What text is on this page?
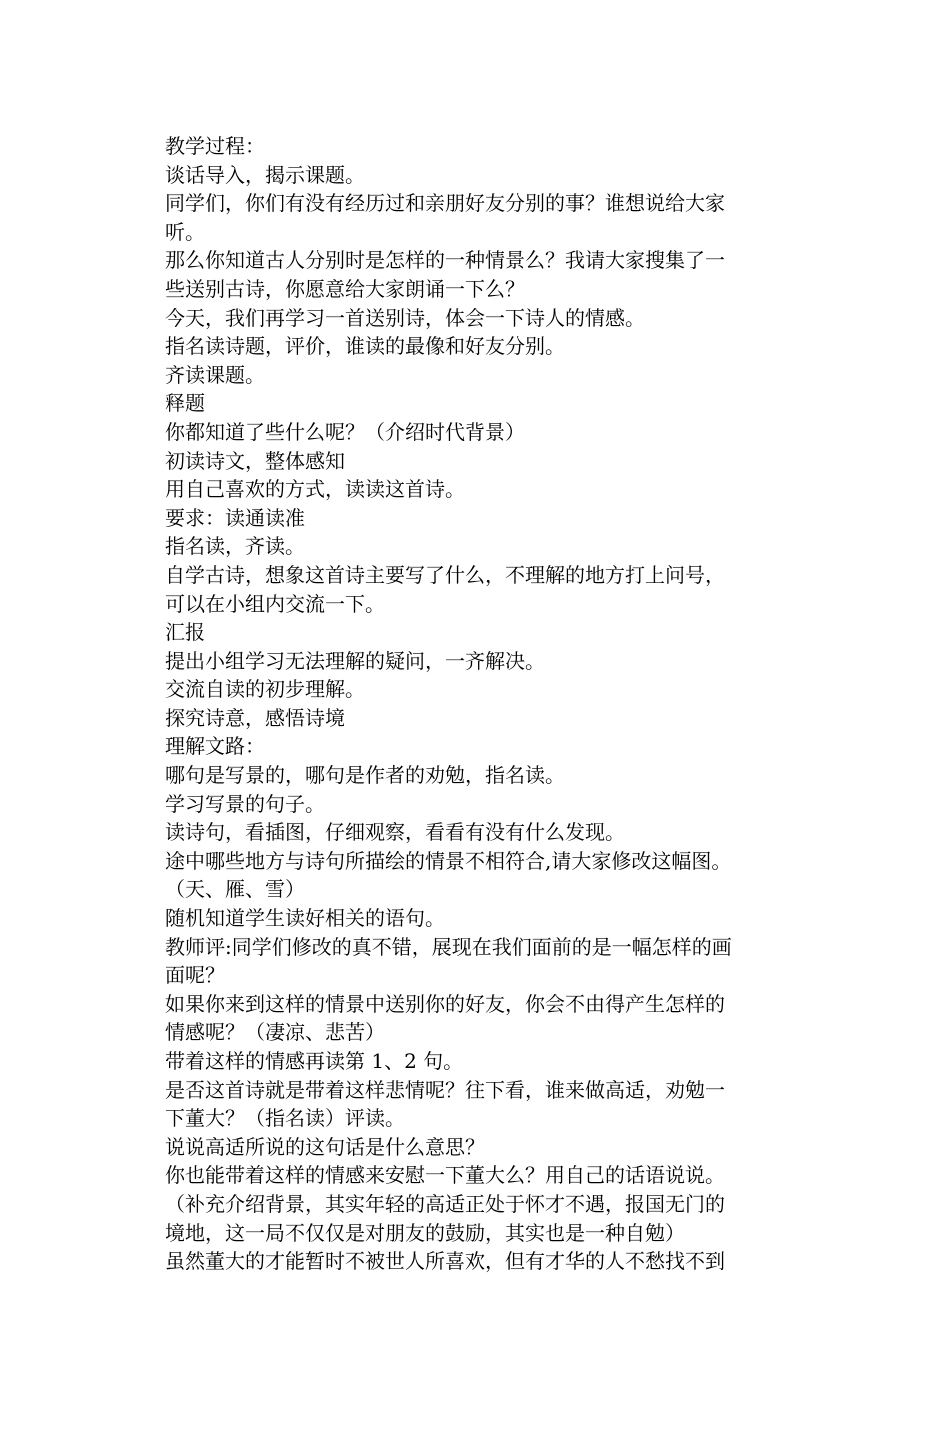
教学过程：
谈话导入，揭示课题。
同学们，你们有没有经历过和亲朋好友分别的事？谁想说给大家
听。
那么你知道古人分别时是怎样的一种情景么？我请大家搜集了一
些送别古诗，你愿意给大家朗诵一下么？
今天，我们再学习一首送别诗，体会一下诗人的情感。
指名读诗题，评价，谁读的最像和好友分别。
齐读课题。
释题
你都知道了些什么呢？（介绍时代背景）
初读诗文，整体感知
用自己喜欢的方式，读读这首诗。
要求：读通读准
指名读，齐读。
自学古诗，想象这首诗主要写了什么，不理解的地方打上问号，
可以在小组内交流一下。
汇报
提出小组学习无法理解的疑问，一齐解决。
交流自读的初步理解。
探究诗意，感悟诗境
理解文路：
哪句是写景的，哪句是作者的劝勉，指名读。
学习写景的句子。
读诗句，看插图，仔细观察，看看有没有什么发现。
途中哪些地方与诗句所描绘的情景不相符合,请大家修改这幅图。
（天、雁、雪）
随机知道学生读好相关的语句。
教师评:同学们修改的真不错，展现在我们面前的是一幅怎样的画
面呢？
如果你来到这样的情景中送别你的好友，你会不由得产生怎样的
情感呢？（凄凉、悲苦）
带着这样的情感再读第 1、2 句。
是否这首诗就是带着这样悲情呢？往下看，谁来做高适，劝勉一
下董大？（指名读）评读。
说说高适所说的这句话是什么意思？
你也能带着这样的情感来安慰一下董大么？用自己的话语说说。
（补充介绍背景，其实年轻的高适正处于怀才不遇，报国无门的
境地，这一局不仅仅是对朋友的鼓励，其实也是一种自勉）
虽然董大的才能暂时不被世人所喜欢，但有才华的人不愁找不到
